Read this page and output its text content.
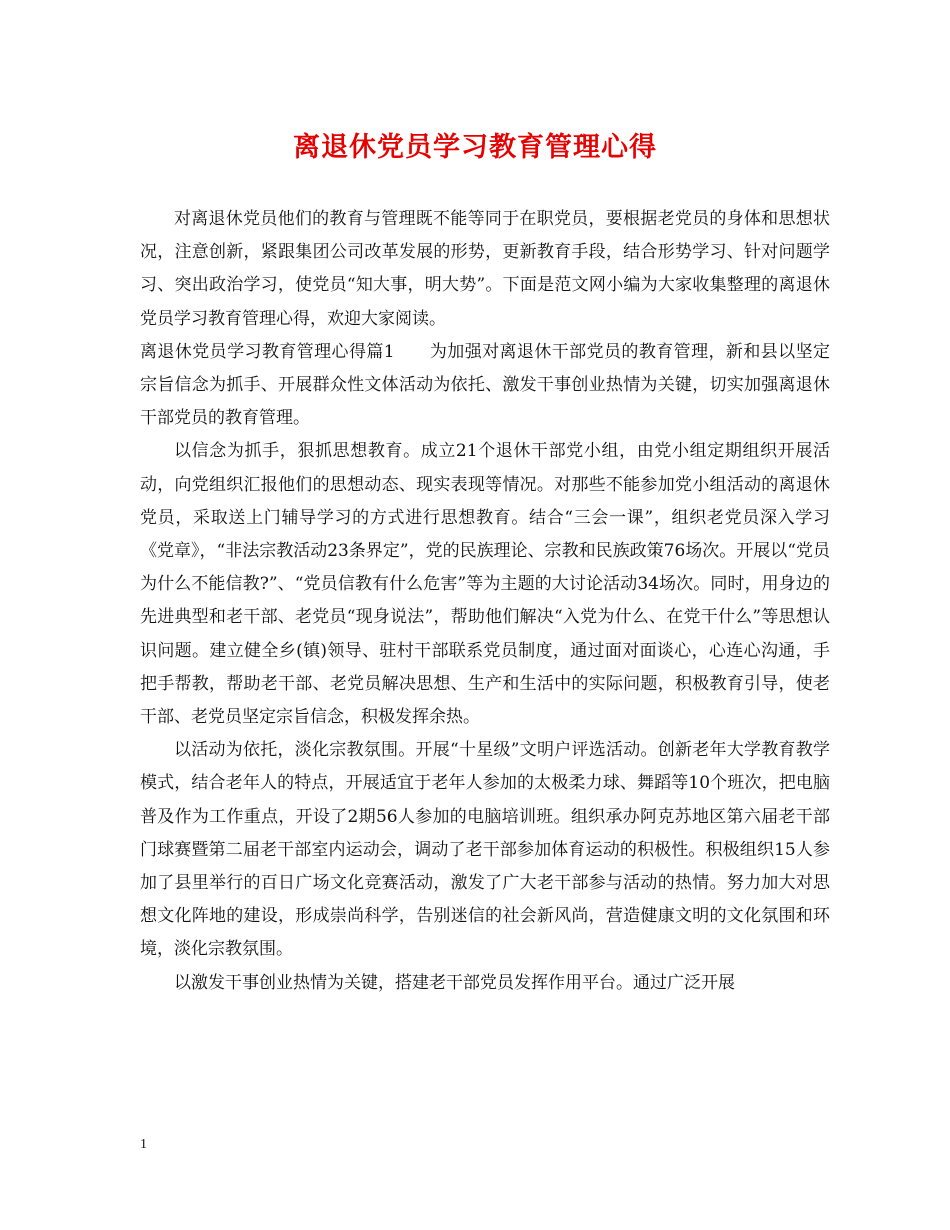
离退休党员学习教育管理心得

对离退休党员他们的教育与管理既不能等同于在职党员，要根据老党员的身体和思想状况，注意创新，紧跟集团公司改革发展的形势，更新教育手段，结合形势学习、针对问题学习、突出政治学习，使党员“知大事，明大势”。下面是范文网小编为大家收集整理的离退休党员学习教育管理心得，欢迎大家阅读。

离退休党员学习教育管理心得篇1　　为加强对离退休干部党员的教育管理，新和县以坚定宗旨信念为抓手、开展群众性文体活动为依托、激发干事创业热情为关键，切实加强离退休干部党员的教育管理。

以信念为抓手，狠抓思想教育。成立21个退休干部党小组，由党小组定期组织开展活动，向党组织汇报他们的思想动态、现实表现等情况。对那些不能参加党小组活动的离退休党员，采取送上门辅导学习的方式进行思想教育。结合“三会一课”，组织老党员深入学习《党章》，“非法宗教活动23条界定”，党的民族理论、宗教和民族政策76场次。开展以“党员为什么不能信教?”、“党员信教有什么危害”等为主题的大讨论活动34场次。同时，用身边的先进典型和老干部、老党员“现身说法”，帮助他们解决“入党为什么、在党干什么”等思想认识问题。建立健全乡(镇)领导、驻村干部联系党员制度，通过面对面谈心，心连心沟通，手把手帮教，帮助老干部、老党员解决思想、生产和生活中的实际问题，积极教育引导，使老干部、老党员坚定宗旨信念，积极发挥余热。

以活动为依托，淡化宗教氛围。开展“十星级”文明户评选活动。创新老年大学教育教学模式，结合老年人的特点，开展适宜于老年人参加的太极柔力球、舞蹈等10个班次，把电脑普及作为工作重点，开设了2期56人参加的电脑培训班。组织承办阿克苏地区第六届老干部门球赛暨第二届老干部室内运动会，调动了老干部参加体育运动的积极性。积极组织15人参加了县里举行的百日广场文化竞赛活动，激发了广大老干部参与活动的热情。努力加大对思想文化阵地的建设，形成崇尚科学，告别迷信的社会新风尚，营造健康文明的文化氛围和环境，淡化宗教氛围。

以激发干事创业热情为关键，搭建老干部党员发挥作用平台。通过广泛开展

1
